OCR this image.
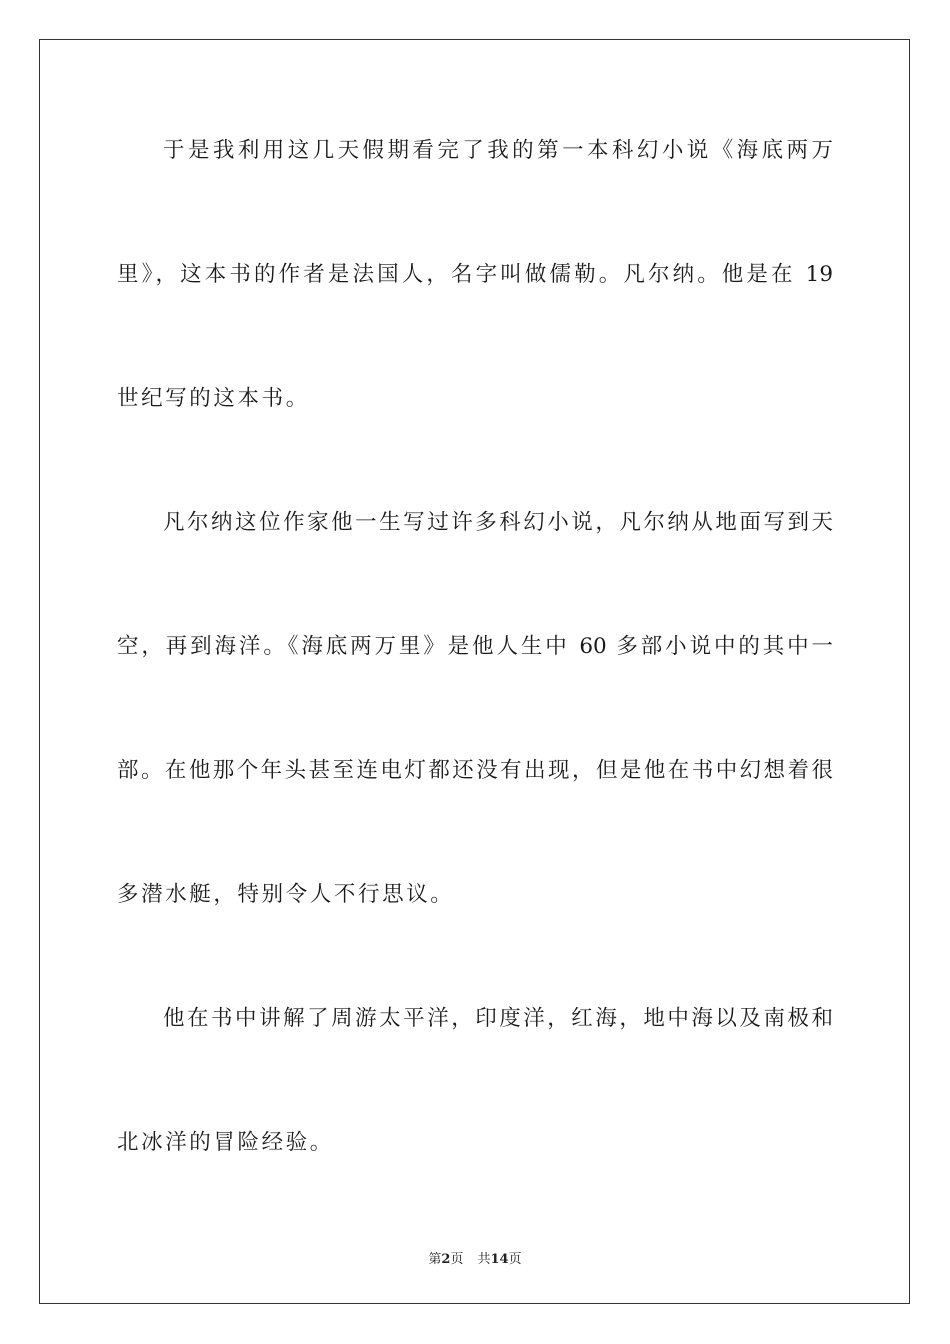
于是我利用这几天假期看完了我的第一本科幻小说《海底两万
里》，这本书的作者是法国人，名字叫做儒勒。凡尔纳。他是在 19
世纪写的这本书。
凡尔纳这位作家他一生写过许多科幻小说，凡尔纳从地面写到天
空，再到海洋。《海底两万里》是他人生中 60 多部小说中的其中一
部。在他那个年头甚至连电灯都还没有出现，但是他在书中幻想着很
多潜水艇，特别令人不行思议。
他在书中讲解了周游太平洋，印度洋，红海，地中海以及南极和
北冰洋的冒险经验。
第2页 共14页
